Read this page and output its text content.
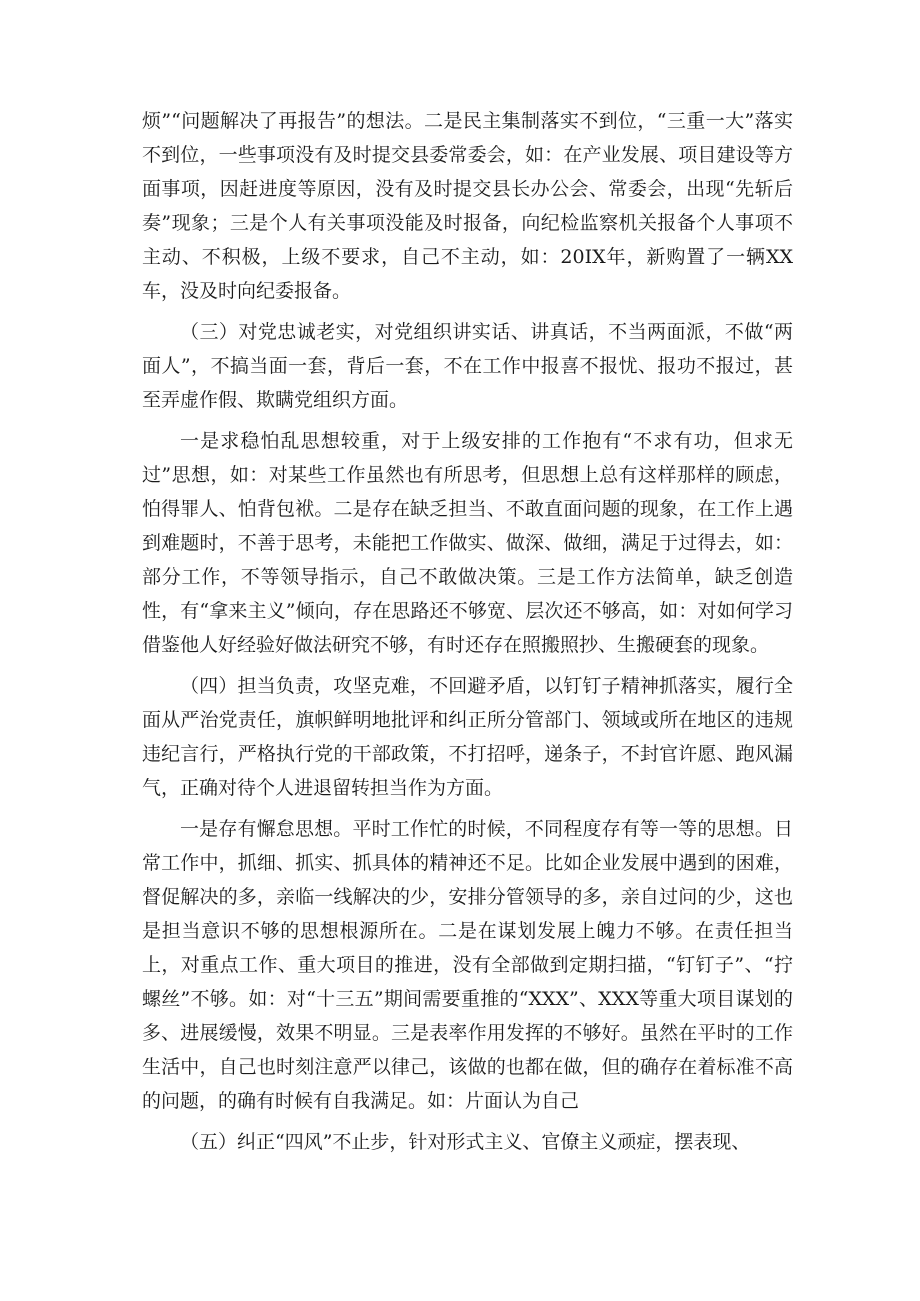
烦”“问题解决了再报告”的想法。二是民主集制落实不到位，“三重一大”落实不到位，一些事项没有及时提交县委常委会，如：在产业发展、项目建设等方面事项，因赶进度等原因，没有及时提交县长办公会、常委会，出现“先斩后奏”现象；三是个人有关事项没能及时报备，向纪检监察机关报备个人事项不主动、不积极，上级不要求，自己不主动，如：20IX年，新购置了一辆XX车，没及时向纪委报备。

（三）对党忠诚老实，对党组织讲实话、讲真话，不当两面派，不做“两面人”，不搞当面一套，背后一套，不在工作中报喜不报忧、报功不报过，甚至弄虚作假、欺瞒党组织方面。

一是求稳怕乱思想较重，对于上级安排的工作抱有“不求有功，但求无过”思想，如：对某些工作虽然也有所思考，但思想上总有这样那样的顾虑，怕得罪人、怕背包袱。二是存在缺乏担当、不敢直面问题的现象，在工作上遇到难题时，不善于思考，未能把工作做实、做深、做细，满足于过得去，如：部分工作，不等领导指示，自己不敢做决策。三是工作方法简单，缺乏创造性，有“拿来主义”倾向，存在思路还不够宽、层次还不够高，如：对如何学习借鉴他人好经验好做法研究不够，有时还存在照搬照抄、生搬硬套的现象。

（四）担当负责，攻坚克难，不回避矛盾，以钉钉子精神抓落实，履行全面从严治党责任，旗帜鲜明地批评和纠正所分管部门、领域或所在地区的违规违纪言行，严格执行党的干部政策，不打招呼，递条子，不封官许愿、跑风漏气，正确对待个人进退留转担当作为方面。

一是存有懈怠思想。平时工作忙的时候，不同程度存有等一等的思想。日常工作中，抓细、抓实、抓具体的精神还不足。比如企业发展中遇到的困难，督促解决的多，亲临一线解决的少，安排分管领导的多，亲自过问的少，这也是担当意识不够的思想根源所在。二是在谋划发展上魄力不够。在责任担当上，对重点工作、重大项目的推进，没有全部做到定期扫描，“钉钉子”、“拧螺丝”不够。如：对“十三五”期间需要重推的“XXX”、XXX等重大项目谋划的多、进展缓慢，效果不明显。三是表率作用发挥的不够好。虽然在平时的工作生活中，自己也时刻注意严以律己，该做的也都在做，但的确存在着标准不高的问题，的确有时候有自我满足。如：片面认为自己

（五）纠正“四风”不止步，针对形式主义、官僚主义顽症，摆表现、
